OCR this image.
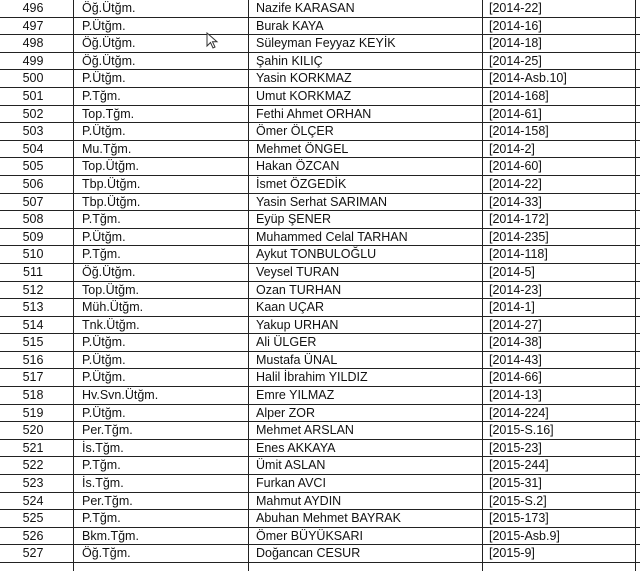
496	Öğ.Ütğm.	Nazife KARASAN	[2014-22]
497	P.Ütğm.	Burak KAYA	[2014-16]
498	Öğ.Ütğm.	Süleyman Feyyaz KEYİK	[2014-18]
499	Öğ.Ütğm.	Şahin KILIÇ	[2014-25]
500	P.Ütğm.	Yasin KORKMAZ	[2014-Asb.10]
501	P.Tğm.	Umut KORKMAZ	[2014-168]
502	Top.Tğm.	Fethi Ahmet ORHAN	[2014-61]
503	P.Ütğm.	Ömer ÖLÇER	[2014-158]
504	Mu.Tğm.	Mehmet ÖNGEL	[2014-2]
505	Top.Ütğm.	Hakan ÖZCAN	[2014-60]
506	Tbp.Ütğm.	İsmet ÖZGEDİK	[2014-22]
507	Tbp.Ütğm.	Yasin Serhat SARIMAN	[2014-33]
508	P.Tğm.	Eyüp ŞENER	[2014-172]
509	P.Ütğm.	Muhammed Celal TARHAN	[2014-235]
510	P.Tğm.	Aykut TONBULOĞLU	[2014-118]
511	Öğ.Ütğm.	Veysel TURAN	[2014-5]
512	Top.Ütğm.	Ozan TURHAN	[2014-23]
513	Müh.Ütğm.	Kaan UÇAR	[2014-1]
514	Tnk.Ütğm.	Yakup URHAN	[2014-27]
515	P.Ütğm.	Ali ÜLGER	[2014-38]
516	P.Ütğm.	Mustafa ÜNAL	[2014-43]
517	P.Ütğm.	Halil İbrahim YILDIZ	[2014-66]
518	Hv.Svn.Ütğm.	Emre YILMAZ	[2014-13]
519	P.Ütğm.	Alper ZOR	[2014-224]
520	Per.Tğm.	Mehmet ARSLAN	[2015-S.16]
521	İs.Tğm.	Enes AKKAYA	[2015-23]
522	P.Tğm.	Ümit ASLAN	[2015-244]
523	İs.Tğm.	Furkan AVCI	[2015-31]
524	Per.Tğm.	Mahmut AYDIN	[2015-S.2]
525	P.Tğm.	Abuhan Mehmet BAYRAK	[2015-173]
526	Bkm.Tğm.	Ömer BÜYÜKSARI	[2015-Asb.9]
527	Öğ.Tğm.	Doğancan CESUR	[2015-9]
